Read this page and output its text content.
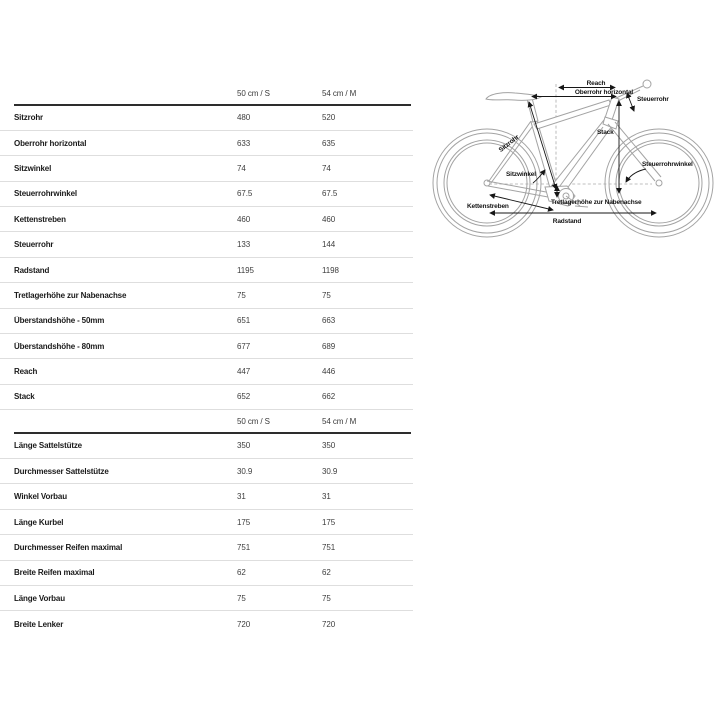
50 cm / S	54 cm / M
Sitzrohr	480	520
Oberrohr horizontal	633	635
Sitzwinkel	74	74
Steuerrohrwinkel	67.5	67.5
Kettenstreben	460	460
Steuerrohr	133	144
Radstand	1195	1198
Tretlagerhöhe zur Nabenachse	75	75
Überstandshöhe - 50mm	651	663
Überstandshöhe - 80mm	677	689
Reach	447	446
Stack	652	662
50 cm / S	54 cm / M
Länge Sattelstütze	350	350
Durchmesser Sattelstütze	30.9	30.9
Winkel Vorbau	31	31
Länge Kurbel	175	175
Durchmesser Reifen maximal	751	751
Breite Reifen maximal	62	62
Länge Vorbau	75	75
Breite Lenker	720	720
Reach
Oberrohr horizontal
Steuerrohr
Stack
Sitzrohr
Sitzwinkel
Steuerrohrwinkel
Tretlagerhöhe zur Nabenachse
Kettenstreben
Radstand
